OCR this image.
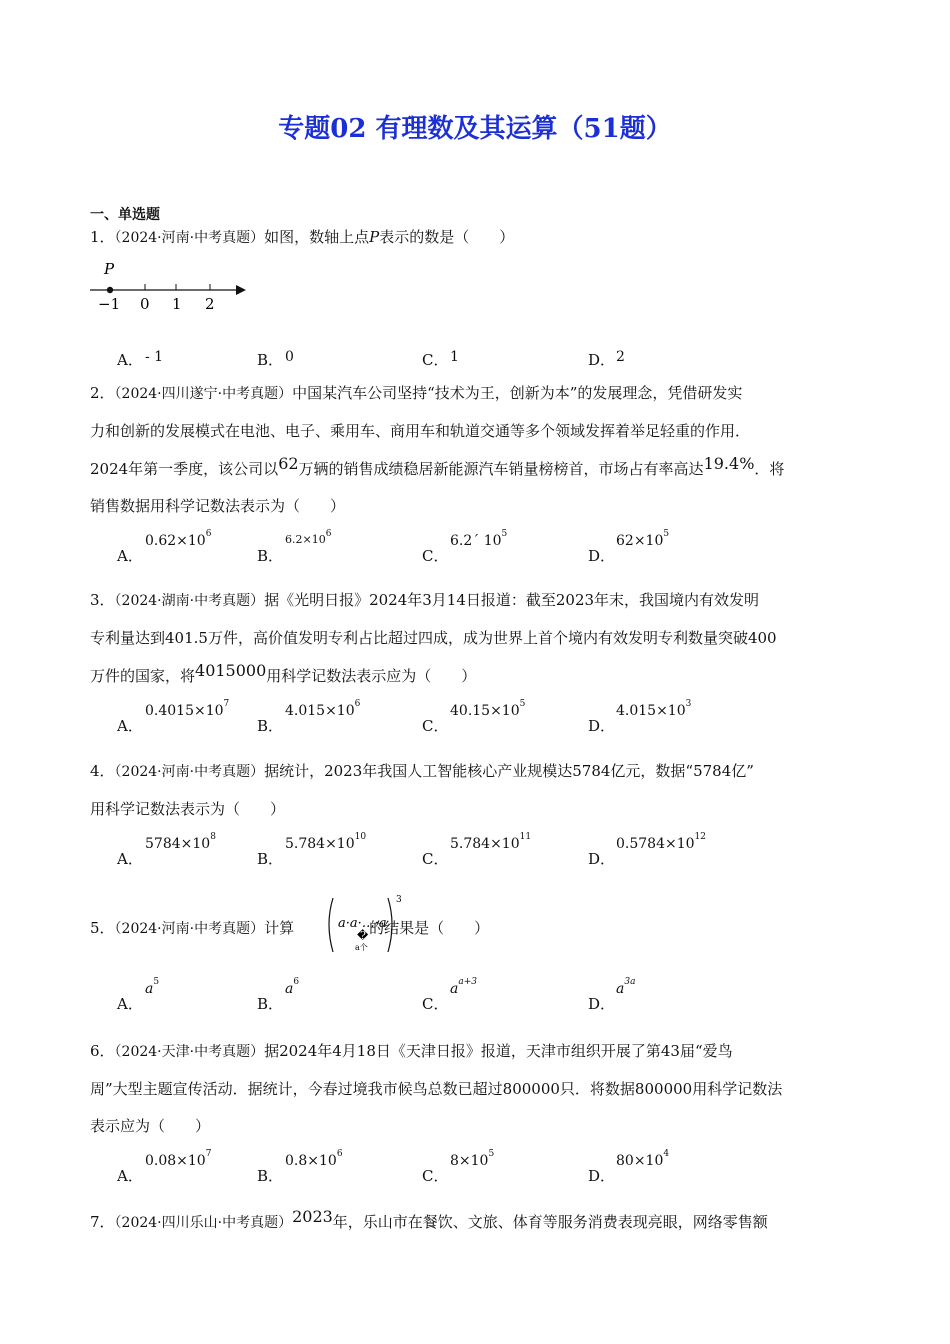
专题02 有理数及其运算（51题）
一、单选题
1．（2024·河南·中考真题）如图，数轴上点P表示的数是（　　）
P
−1 0 1 2
A． - 1	B． 0	C． 1	D． 2
2．（2024·四川遂宁·中考真题）中国某汽车公司坚持“技术为王，创新为本”的发展理念，凭借研发实
力和创新的发展模式在电池、电子、乘用车、商用车和轨道交通等多个领域发挥着举足轻重的作用．
2024年第一季度，该公司以62万辆的销售成绩稳居新能源汽车销量榜榜首，市场占有率高达19.4%．将
销售数据用科学记数法表示为（　　）
A．
$0.62\times 10^6$
B．
$6.2\times 10^6$
C．
6.2´ $10^5$
D．
$62\times 10^5$
3．（2024·湖南·中考真题）据《光明日报》2024年3月14日报道：截至2023年末，我国境内有效发明
专利量达到401.5万件，高价值发明专利占比超过四成，成为世界上首个境内有效发明专利数量突破400
万件的国家，将4015000用科学记数法表示应为（　　）
A．
$0.4015\times 10^7$
B．
$4.015\times 10^6$
C．
$40.15\times 10^5$
D．
$4.015\times 10^3$
4．（2024·河南·中考真题）据统计，2023年我国人工智能核心产业规模达5784亿元，数据“5784亿”
用科学记数法表示为（　　）
A．
$5784\times 10^8$
B．
$5.784\times 10^{10}$
C．
$5.784\times 10^{11}$
D．
$0.5784\times 10^{12}$
5．（2024·河南·中考真题）计算	的结果是（　　）
a·a·…·a
�
a个
3
A．
$a^5$
B．
$a^6$
C．
$a^{a+3}$
D．
$a^{3a}$
6．（2024·天津·中考真题）据2024年4月18日《天津日报》报道，天津市组织开展了第43届“爱鸟
周”大型主题宣传活动．据统计，今春过境我市候鸟总数已超过800000只．将数据800000用科学记数法
表示应为（　　）
A．
$0.08\times 10^7$
B．
$0.8\times 10^6$
C．
$8\times 10^5$
D．
$80\times 10^4$
7．（2024·四川乐山·中考真题）2023年，乐山市在餐饮、文旅、体育等服务消费表现亮眼，网络零售额
